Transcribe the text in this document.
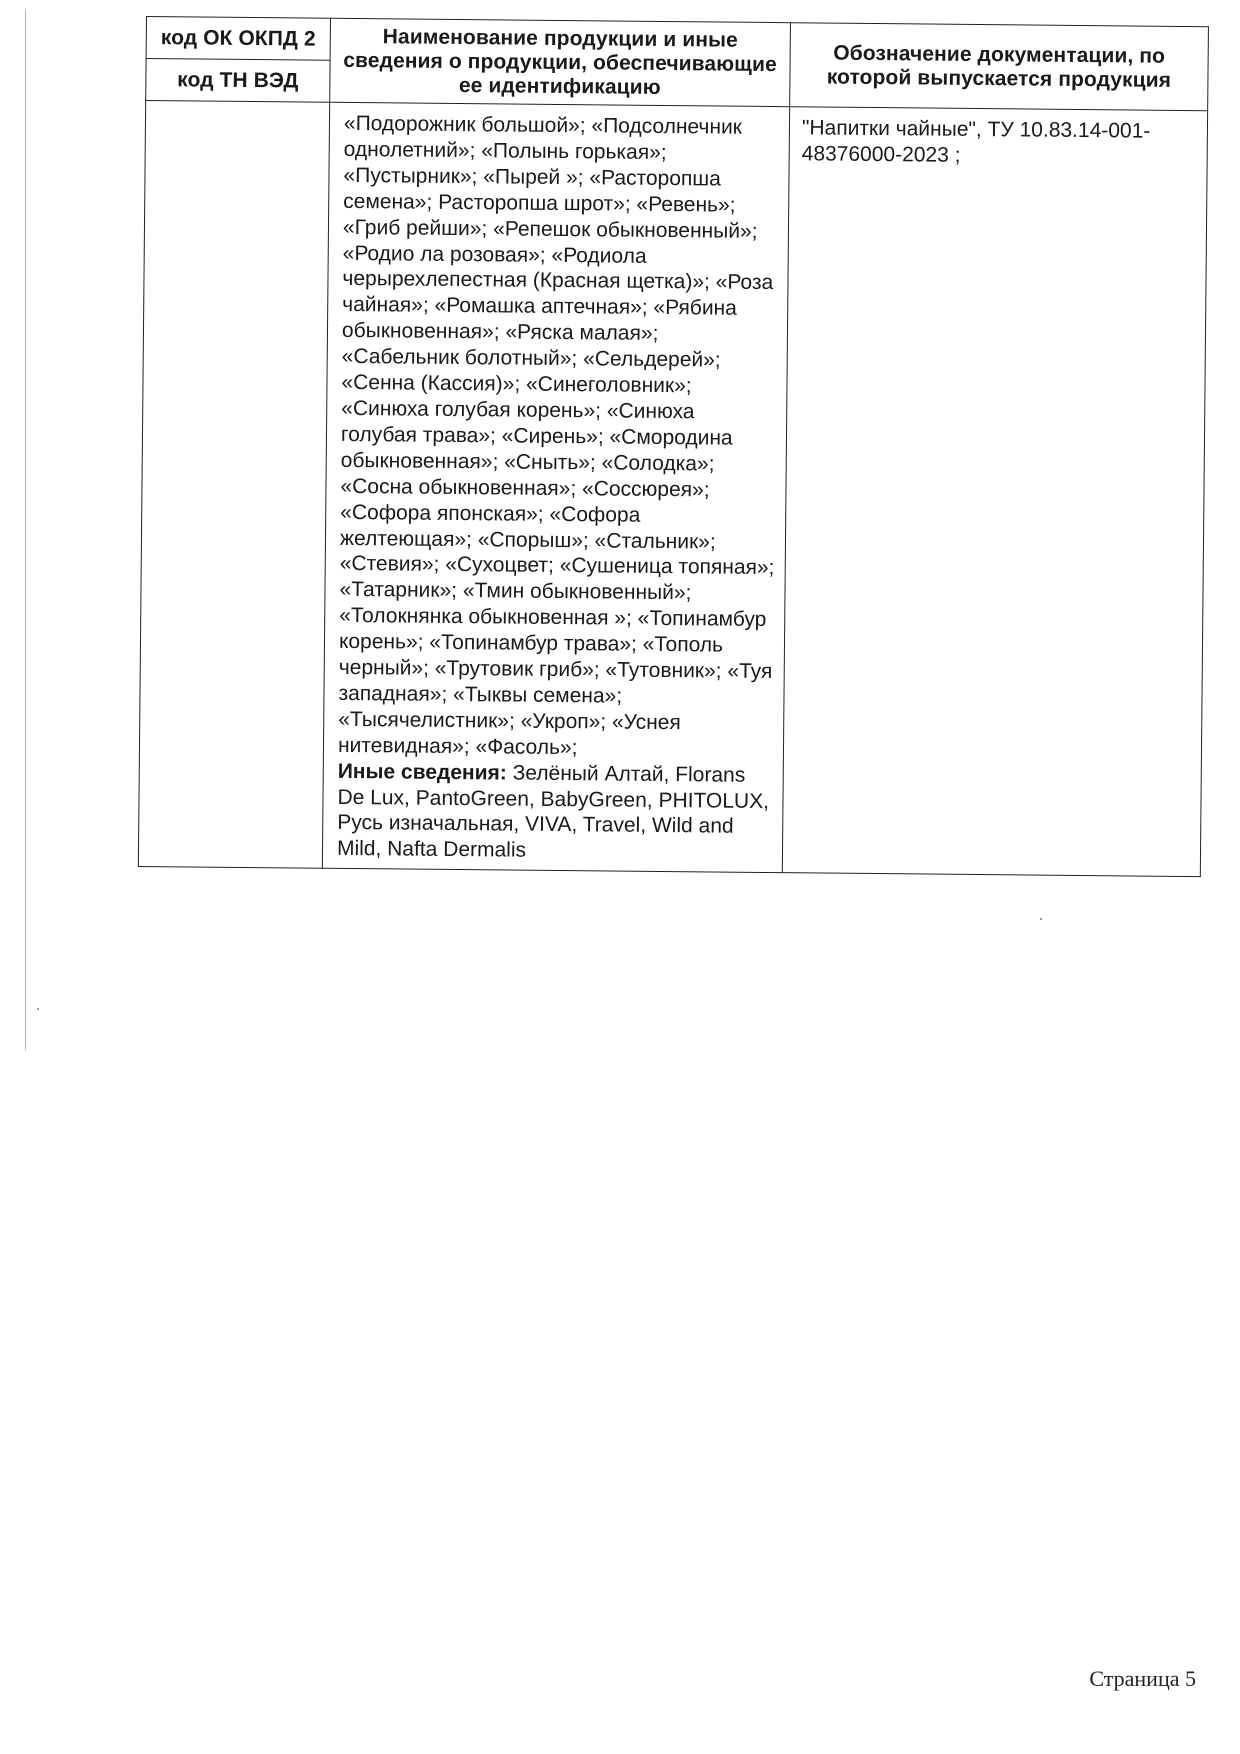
код ОК ОКПД 2	Наименование продукции и иные сведения о продукции, обеспечивающие ее идентификацию	Обозначение документации, по которой выпускается продукция
код ТН ВЭД		

	«Подорожник большой»; «Подсолнечник однолетний»; «Полынь горькая»; «Пустырник»; «Пырей »; «Расторопша семена»; Расторопша шрот»; «Ревень»; «Гриб рейши»; «Репешок обыкновенный»; «Родио ла розовая»; «Родиола черырехлепестная (Красная щетка)»; «Роза чайная»; «Ромашка аптечная»; «Рябина обыкновенная»; «Ряска малая»; «Сабельник болотный»; «Сельдерей»; «Сенна (Кассия)»; «Синеголовник»; «Синюха голубая корень»; «Синюха голубая трава»; «Сирень»; «Смородина обыкновенная»; «Сныть»; «Солодка»; «Сосна обыкновенная»; «Соссюрея»; «Софора японская»; «Софора желтеющая»; «Спорыш»; «Стальник»; «Стевия»; «Сухоцвет; «Сушеница топяная»; «Татарник»; «Тмин обыкновенный»; «Толокнянка обыкновенная »; «Топинамбур корень»; «Топинамбур трава»; «Тополь черный»; «Трутовик гриб»; «Тутовник»; «Туя западная»; «Тыквы семена»; «Тысячелистник»; «Укроп»; «Уснея нитевидная»; «Фасоль»;
Иные сведения: Зелёный Алтай, Florans De Lux, PantoGreen, BabyGreen, PHITOLUX, Русь изначальная, VIVA, Travel, Wild and Mild, Nafta Dermalis	"Напитки чайные", ТУ 10.83.14-001-48376000-2023 ;
Страница 5
